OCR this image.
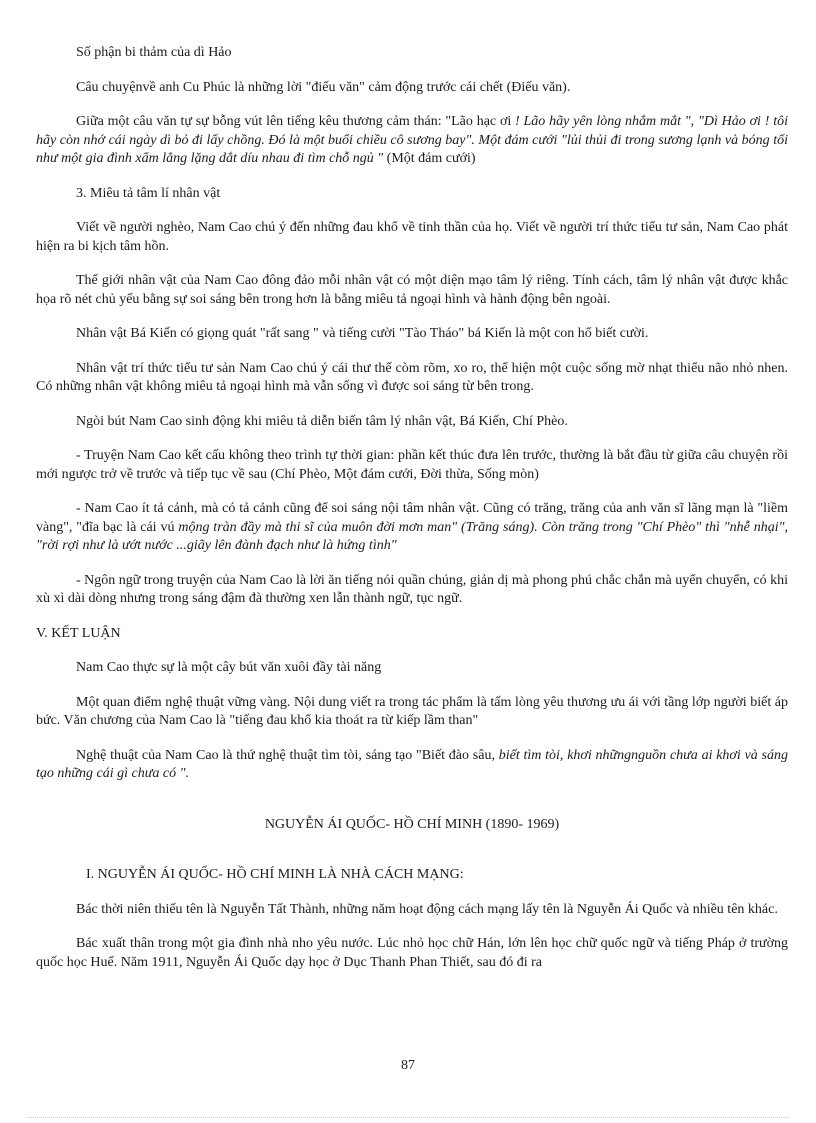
Số phận bi thảm của dì Hảo

Câu chuyệnvề anh Cu Phúc là những lời "điếu văn" cảm động trước cái chết (Điếu văn).

Giữa một câu văn tự sự bỗng vút lên tiếng kêu thương cảm thán: "Lão hạc ơi ! Lão hãy yên lòng nhắm mắt ", "Dì Hảo ơi ! tôi hãy còn nhớ cái ngày dì bỏ đi lấy chồng. Đó là một buổi chiều cô sương bay". Một đám cưới "lủi thủi đi trong sương lạnh và bóng tối như một gia đình xẩm lẳng lặng dắt díu nhau đi tìm chỗ ngủ " (Một đám cưới)

3. Miêu tả tâm lí nhân vật

Viết về người nghèo, Nam Cao chú ý đến những đau khổ về tinh thần của họ. Viết về người trí thức tiểu tư sản, Nam Cao phát hiện ra bi kịch tâm hồn.

Thế giới nhân vật của Nam Cao đông đảo mỗi nhân vật có một diện mạo tâm lý riêng. Tính cách, tâm lý nhân vật được khắc họa rõ nét chủ yếu bằng sự soi sáng bên trong hơn là bằng miêu tả ngoại hình và hành động bên ngoài.

Nhân vật Bá Kiến có giọng quát "rất sang " và tiếng cười "Tào Tháo" bá Kiến là một con hổ biết cười.

Nhân vật trí thức tiểu tư sản Nam Cao chú ý cái thư thế còm rõm, xo ro, thể hiện một cuộc sống mờ nhạt thiểu não nhỏ nhen. Có những nhân vật không miêu tả ngoại hình mà vẫn sống vì được soi sáng từ bên trong.

Ngòi bút Nam Cao sinh động khi miêu tả diễn biến tâm lý nhân vật, Bá Kiến, Chí Phèo.

- Truyện Nam Cao kết cấu không theo trình tự thời gian: phần kết thúc đưa lên trước, thường là bắt đầu từ giữa câu chuyện rồi mới ngược trở về trước và tiếp tục về sau (Chí Phèo, Một đám cưới, Đời thừa, Sống mòn)

- Nam Cao ít tả cảnh, mà có tả cảnh cũng để soi sáng nội tâm nhân vật. Cũng có trăng, trăng của anh văn sĩ lãng mạn là "liềm vàng", "đĩa bạc là cái vú mộng tràn đầy mà thi sĩ của muôn đời mơn man" (Trăng sáng). Còn trăng trong "Chí Phèo" thì "nhễ nhại", "rời rợi như là ướt nước ...giãy lên đành đạch như là hứng tình"

- Ngôn ngữ trong truyện của Nam Cao là lời ăn tiếng nói quần chúng, giản dị mà phong phú chắc chắn mà uyển chuyển, có khi xù xì dài dòng nhưng trong sáng đậm đà thường xen lẫn thành ngữ, tục ngữ.

V. KẾT LUẬN

Nam Cao thực sự là một cây bút văn xuôi đầy tài năng

Một quan điểm nghệ thuật vững vàng. Nội dung viết ra trong tác phẩm là tấm lòng yêu thương ưu ái với tầng lớp người biết áp bức. Văn chương của Nam Cao là "tiếng đau khổ kia thoát ra từ kiếp lầm than"

Nghệ thuật của Nam Cao là thứ nghệ thuật tìm tòi, sáng tạo "Biết đào sâu, biết tìm tòi, khơi nhữngnguồn chưa ai khơi và sáng tạo những cái gì chưa có ".

NGUYỄN ÁI QUỐC- HỒ CHÍ MINH (1890- 1969)

I. NGUYỄN ÁI QUỐC- HỒ CHÍ MINH LÀ NHÀ CÁCH MẠNG:

Bác thời niên thiếu tên là Nguyễn Tất Thành, những năm hoạt động cách mạng lấy tên là Nguyễn Ái Quốc và nhiều tên khác.

Bác xuất thân trong một gia đình nhà nho yêu nước. Lúc nhỏ học chữ Hán, lớn lên học chữ quốc ngữ và tiếng Pháp ở trường quốc học Huế. Năm 1911, Nguyễn Ái Quốc dạy học ở Dục Thanh Phan Thiết, sau đó đi ra

87
